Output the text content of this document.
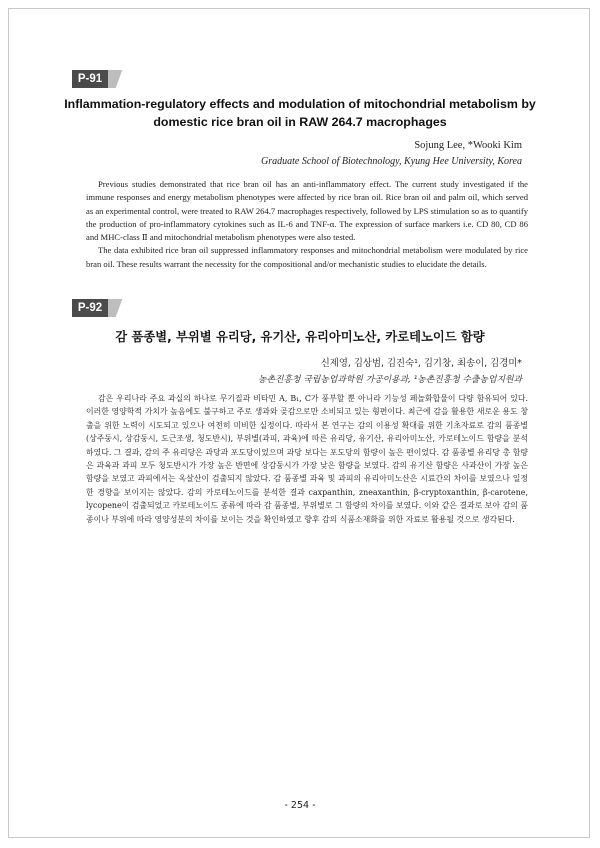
P-91
Inflammation-regulatory effects and modulation of mitochondrial metabolism by
domestic rice bran oil in RAW 264.7 macrophages
Sojung Lee, *Wooki Kim
Graduate School of Biotechnology, Kyung Hee University, Korea

Previous studies demonstrated that rice bran oil has an anti-inflammatory effect. The current study investigated if the immune responses and energy metabolism phenotypes were affected by rice bran oil. Rice bran oil and palm oil, which served as an experimental control, were treated to RAW 264.7 macrophages respectively, followed by LPS stimulation so as to quantify the production of pro-inflammatory cytokines such as IL-6 and TNF-α. The expression of surface markers i.e. CD 80, CD 86 and MHC-class Ⅱ and mitochondrial metabolism phenotypes were also tested.

The data exhibited rice bran oil suppressed inflammatory responses and mitochondrial metabolism were modulated by rice bran oil. These results warrant the necessity for the compositional and/or mechanistic studies to elucidate the details.

P-92
감 품종별, 부위별 유리당, 유기산, 유리아미노산, 카로테노이드 함량
신제영, 김상범, 김진숙¹, 김기창, 최송이, 김경미*
농촌진흥청 국립농업과학원 가공이용과, ¹농촌진흥청 수출농업지원과

감은 우리나라 주요 과실의 하나로 무기질과 비타민 A, B₁, C가 풍부할 뿐 아니라 기능성 페놀화합물이 다량 함유되어 있다. 이러한 영양학적 가치가 높음에도 불구하고 주로 생과와 곶감으로만 소비되고 있는 형편이다. 최근에 감을 활용한 새로운 용도 창출을 위한 노력이 시도되고 있으나 여전히 미비한 실정이다. 따라서 본 연구는 감의 이용성 확대를 위한 기초자료로 감의 품종별(상주둥시, 상감둥시, 도근조생, 청도반시), 부위별(과피, 과육)에 따른 유리당, 유기산, 유리아미노산, 카로테노이드 함량을 분석하였다. 그 결과, 감의 주 유리당은 과당과 포도당이었으며 과당 보다는 포도당의 함량이 높은 편이었다. 감 품종별 유리당 총 함량은 과육과 과피 모두 청도반시가 가장 높은 반면에 상감둥시가 가장 낮은 함량을 보였다. 감의 유기산 함량은 사과산이 가장 높은 함량을 보였고 과피에서는 옥살산이 검출되지 않았다. 감 품종별 과육 및 과피의 유리아미노산은 시료간의 차이를 보였으나 일정한 경향을 보이지는 않았다. 감의 카로테노이드를 분석한 결과 caxpanthin, zneaxanthin, β-cryptoxanthin, β-carotene, lycopene이 검출되었고 카로테노이드 종류에 따라 감 품종별, 부위별로 그 함량의 차이를 보였다. 이와 같은 결과로 보아 감의 품종이나 부위에 따라 영양성분의 차이를 보이는 것을 확인하였고 향후 감의 식품소재화를 위한 자료로 활용될 것으로 생각된다.

- 254 -
